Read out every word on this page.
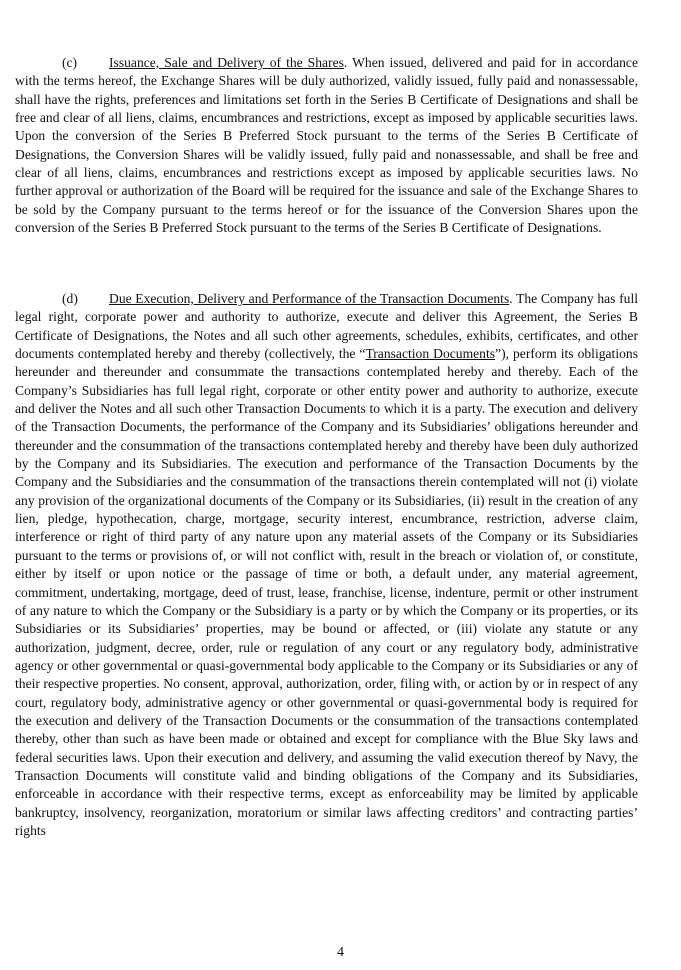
(c) Issuance, Sale and Delivery of the Shares. When issued, delivered and paid for in accordance with the terms hereof, the Exchange Shares will be duly authorized, validly issued, fully paid and nonassessable, shall have the rights, preferences and limitations set forth in the Series B Certificate of Designations and shall be free and clear of all liens, claims, encumbrances and restrictions, except as imposed by applicable securities laws. Upon the conversion of the Series B Preferred Stock pursuant to the terms of the Series B Certificate of Designations, the Conversion Shares will be validly issued, fully paid and nonassessable, and shall be free and clear of all liens, claims, encumbrances and restrictions except as imposed by applicable securities laws. No further approval or authorization of the Board will be required for the issuance and sale of the Exchange Shares to be sold by the Company pursuant to the terms hereof or for the issuance of the Conversion Shares upon the conversion of the Series B Preferred Stock pursuant to the terms of the Series B Certificate of Designations.

(d) Due Execution, Delivery and Performance of the Transaction Documents. The Company has full legal right, corporate power and authority to authorize, execute and deliver this Agreement, the Series B Certificate of Designations, the Notes and all such other agreements, schedules, exhibits, certificates, and other documents contemplated hereby and thereby (collectively, the “Transaction Documents”), perform its obligations hereunder and thereunder and consummate the transactions contemplated hereby and thereby. Each of the Company’s Subsidiaries has full legal right, corporate or other entity power and authority to authorize, execute and deliver the Notes and all such other Transaction Documents to which it is a party. The execution and delivery of the Transaction Documents, the performance of the Company and its Subsidiaries’ obligations hereunder and thereunder and the consummation of the transactions contemplated hereby and thereby have been duly authorized by the Company and its Subsidiaries. The execution and performance of the Transaction Documents by the Company and the Subsidiaries and the consummation of the transactions therein contemplated will not (i) violate any provision of the organizational documents of the Company or its Subsidiaries, (ii) result in the creation of any lien, pledge, hypothecation, charge, mortgage, security interest, encumbrance, restriction, adverse claim, interference or right of third party of any nature upon any material assets of the Company or its Subsidiaries pursuant to the terms or provisions of, or will not conflict with, result in the breach or violation of, or constitute, either by itself or upon notice or the passage of time or both, a default under, any material agreement, commitment, undertaking, mortgage, deed of trust, lease, franchise, license, indenture, permit or other instrument of any nature to which the Company or the Subsidiary is a party or by which the Company or its properties, or its Subsidiaries or its Subsidiaries’ properties, may be bound or affected, or (iii) violate any statute or any authorization, judgment, decree, order, rule or regulation of any court or any regulatory body, administrative agency or other governmental or quasi-governmental body applicable to the Company or its Subsidiaries or any of their respective properties. No consent, approval, authorization, order, filing with, or action by or in respect of any court, regulatory body, administrative agency or other governmental or quasi-governmental body is required for the execution and delivery of the Transaction Documents or the consummation of the transactions contemplated thereby, other than such as have been made or obtained and except for compliance with the Blue Sky laws and federal securities laws. Upon their execution and delivery, and assuming the valid execution thereof by Navy, the Transaction Documents will constitute valid and binding obligations of the Company and its Subsidiaries, enforceable in accordance with their respective terms, except as enforceability may be limited by applicable bankruptcy, insolvency, reorganization, moratorium or similar laws affecting creditors’ and contracting parties’ rights

4
